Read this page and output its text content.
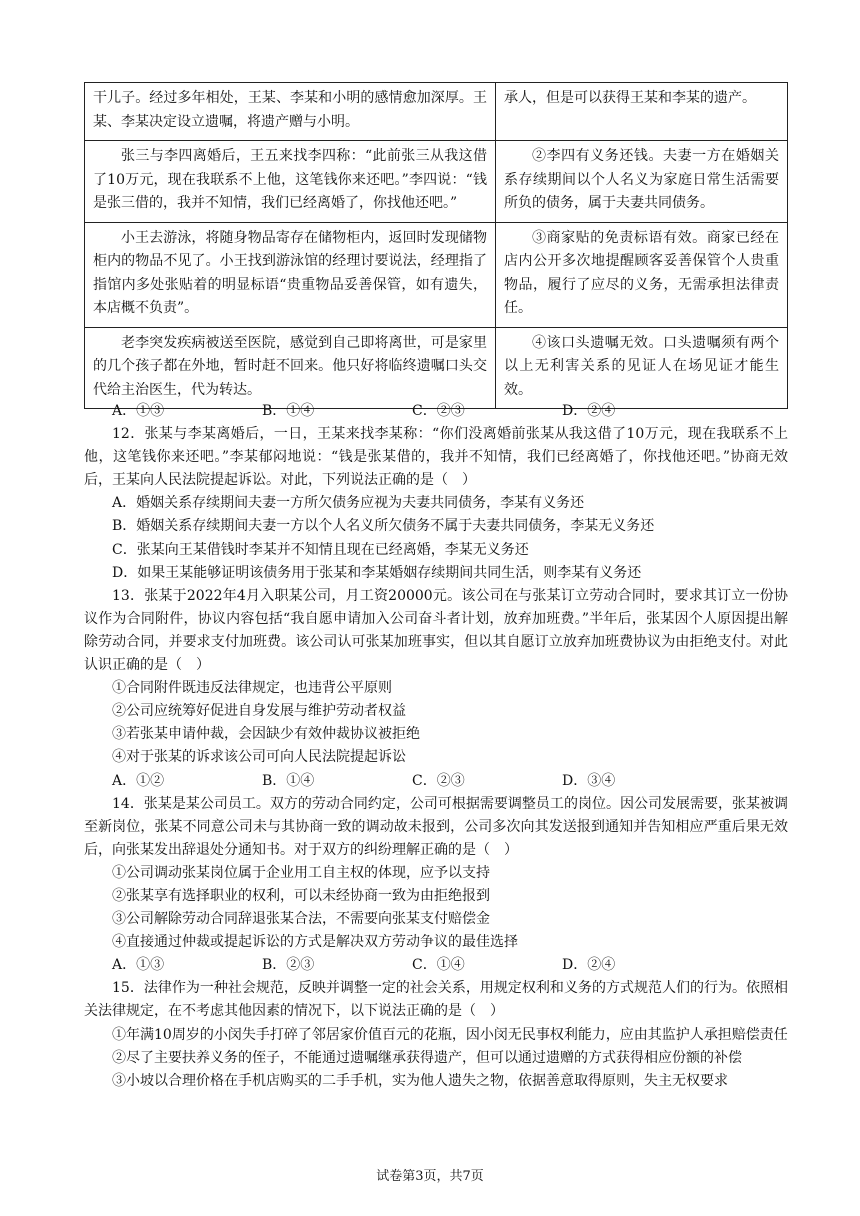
干儿子。经过多年相处，王某、李某和小明的感情愈加深厚。王某、李某决定设立遗嘱，将遗产赠与小明。	承人，但是可以获得王某和李某的遗产。

张三与李四离婚后，王五来找李四称：“此前张三从我这借了10万元，现在我联系不上他，这笔钱你来还吧。”李四说：“钱是张三借的，我并不知情，我们已经离婚了，你找他还吧。”	②李四有义务还钱。夫妻一方在婚姻关系存续期间以个人名义为家庭日常生活需要所负的债务，属于夫妻共同债务。

小王去游泳，将随身物品寄存在储物柜内，返回时发现储物柜内的物品不见了。小王找到游泳馆的经理讨要说法，经理指了指馆内多处张贴着的明显标语“贵重物品妥善保管，如有遗失，本店概不负责”。	③商家贴的免责标语有效。商家已经在店内公开多次地提醒顾客妥善保管个人贵重物品，履行了应尽的义务，无需承担法律责任。

老李突发疾病被送至医院，感觉到自己即将离世，可是家里的几个孩子都在外地，暂时赶不回来。他只好将临终遗嘱口头交代给主治医生，代为转达。	④该口头遗嘱无效。口头遗嘱须有两个以上无利害关系的见证人在场见证才能生效。

A．①③	B．①④	C．②③	D．②④

12．张某与李某离婚后，一日，王某来找李某称：“你们没离婚前张某从我这借了10万元，现在我联系不上他，这笔钱你来还吧。”李某郁闷地说：“钱是张某借的，我并不知情，我们已经离婚了，你找他还吧。”协商无效后，王某向人民法院提起诉讼。对此，下列说法正确的是（　）

A．婚姻关系存续期间夫妻一方所欠债务应视为夫妻共同债务，李某有义务还

B．婚姻关系存续期间夫妻一方以个人名义所欠债务不属于夫妻共同债务，李某无义务还

C．张某向王某借钱时李某并不知情且现在已经离婚，李某无义务还

D．如果王某能够证明该债务用于张某和李某婚姻存续期间共同生活，则李某有义务还

13．张某于2022年4月入职某公司，月工资20000元。该公司在与张某订立劳动合同时，要求其订立一份协议作为合同附件，协议内容包括“我自愿申请加入公司奋斗者计划，放弃加班费。”半年后，张某因个人原因提出解除劳动合同，并要求支付加班费。该公司认可张某加班事实，但以其自愿订立放弃加班费协议为由拒绝支付。对此认识正确的是（　）

①合同附件既违反法律规定，也违背公平原则

②公司应统筹好促进自身发展与维护劳动者权益

③若张某申请仲裁，会因缺少有效仲裁协议被拒绝

④对于张某的诉求该公司可向人民法院提起诉讼

A．①②	B．①④	C．②③	D．③④

14．张某是某公司员工。双方的劳动合同约定，公司可根据需要调整员工的岗位。因公司发展需要，张某被调至新岗位，张某不同意公司未与其协商一致的调动故未报到，公司多次向其发送报到通知并告知相应严重后果无效后，向张某发出辞退处分通知书。对于双方的纠纷理解正确的是（　）

①公司调动张某岗位属于企业用工自主权的体现，应予以支持

②张某享有选择职业的权利，可以未经协商一致为由拒绝报到

③公司解除劳动合同辞退张某合法，不需要向张某支付赔偿金

④直接通过仲裁或提起诉讼的方式是解决双方劳动争议的最佳选择

A．①③	B．②③	C．①④	D．②④

15．法律作为一种社会规范，反映并调整一定的社会关系，用规定权利和义务的方式规范人们的行为。依照相关法律规定，在不考虑其他因素的情况下，以下说法正确的是（　）

①年满10周岁的小闵失手打碎了邻居家价值百元的花瓶，因小闵无民事权利能力，应由其监护人承担赔偿责任

②尽了主要扶养义务的侄子，不能通过遗嘱继承获得遗产，但可以通过遗赠的方式获得相应份额的补偿

③小坡以合理价格在手机店购买的二手手机，实为他人遗失之物，依据善意取得原则，失主无权要求

试卷第3页，共7页
